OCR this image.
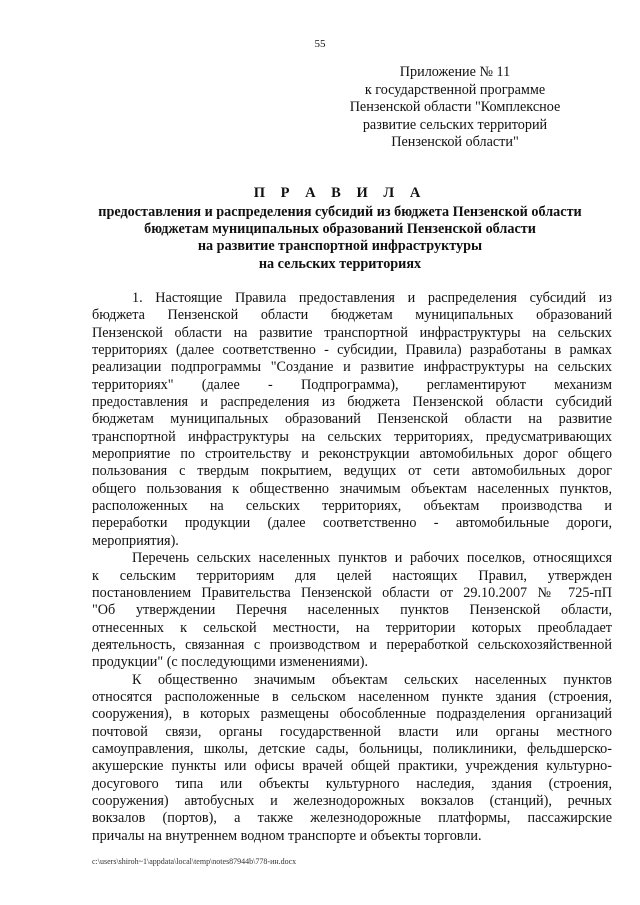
55
Приложение № 11
к государственной программе
Пензенской области "Комплексное
развитие сельских территорий
Пензенской области"
П Р А В И Л А
предоставления и распределения субсидий из бюджета Пензенской области
бюджетам муниципальных образований Пензенской области
на развитие транспортной инфраструктуры
на сельских территориях
1. Настоящие Правила предоставления и распределения субсидий из
бюджета Пензенской области бюджетам муниципальных образований
Пензенской области на развитие транспортной инфраструктуры на сельских
территориях (далее соответственно - субсидии, Правила) разработаны в рамках
реализации подпрограммы "Создание и развитие инфраструктуры на сельских
территориях" (далее - Подпрограмма), регламентируют механизм
предоставления и распределения из бюджета Пензенской области субсидий
бюджетам муниципальных образований Пензенской области на развитие
транспортной инфраструктуры на сельских территориях, предусматривающих
мероприятие по строительству и реконструкции автомобильных дорог общего
пользования с твердым покрытием, ведущих от сети автомобильных дорог
общего пользования к общественно значимым объектам населенных пунктов,
расположенных на сельских территориях, объектам производства и
переработки продукции (далее соответственно - автомобильные дороги,
мероприятия).
Перечень сельских населенных пунктов и рабочих поселков, относящихся
к сельским территориям для целей настоящих Правил, утвержден
постановлением Правительства Пензенской области от 29.10.2007 № 725-пП
"Об утверждении Перечня населенных пунктов Пензенской области,
отнесенных к сельской местности, на территории которых преобладает
деятельность, связанная с производством и переработкой сельскохозяйственной
продукции" (с последующими изменениями).
К общественно значимым объектам сельских населенных пунктов
относятся расположенные в сельском населенном пункте здания (строения,
сооружения), в которых размещены обособленные подразделения организаций
почтовой связи, органы государственной власти или органы местного
самоуправления, школы, детские сады, больницы, поликлиники, фельдшерско-
акушерские пункты или офисы врачей общей практики, учреждения культурно-
досугового типа или объекты культурного наследия, здания (строения,
сооружения) автобусных и железнодорожных вокзалов (станций), речных
вокзалов (портов), а также железнодорожные платформы, пассажирские
причалы на внутреннем водном транспорте и объекты торговли.
c:\users\shiroh~1\appdata\local\temp\notes87944b\778-ин.docx
